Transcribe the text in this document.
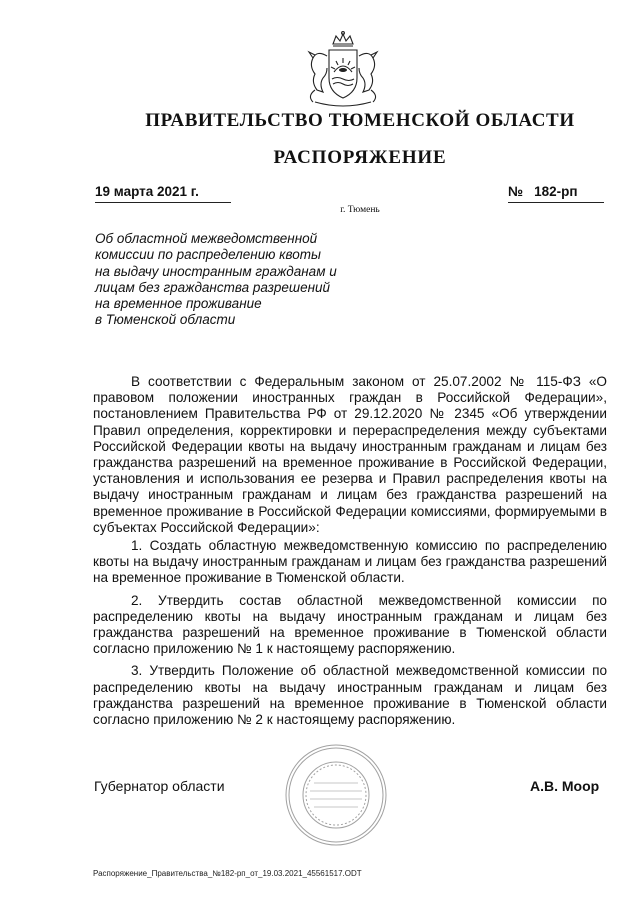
ПРАВИТЕЛЬСТВО ТЮМЕНСКОЙ ОБЛАСТИ
РАСПОРЯЖЕНИЕ
19 марта 2021 г.	№ 182-рп
г. Тюмень
Об областной межведомственной
комиссии по распределению квоты
на выдачу иностранным гражданам и
лицам без гражданства разрешений
на временное проживание
в Тюменской области

В соответствии с Федеральным законом от 25.07.2002 № 115-ФЗ «О правовом положении иностранных граждан в Российской Федерации», постановлением Правительства РФ от 29.12.2020 № 2345 «Об утверждении Правил определения, корректировки и перераспределения между субъектами Российской Федерации квоты на выдачу иностранным гражданам и лицам без гражданства разрешений на временное проживание в Российской Федерации, установления и использования ее резерва и Правил распределения квоты на выдачу иностранным гражданам и лицам без гражданства разрешений на временное проживание в Российской Федерации комиссиями, формируемыми в субъектах Российской Федерации»:

1. Создать областную межведомственную комиссию по распределению квоты на выдачу иностранным гражданам и лицам без гражданства разрешений на временное проживание в Тюменской области.

2. Утвердить состав областной межведомственной комиссии по распределению квоты на выдачу иностранным гражданам и лицам без гражданства разрешений на временное проживание в Тюменской области согласно приложению № 1 к настоящему распоряжению.

3. Утвердить Положение об областной межведомственной комиссии по распределению квоты на выдачу иностранным гражданам и лицам без гражданства разрешений на временное проживание в Тюменской области согласно приложению № 2 к настоящему распоряжению.

Губернатор области	А.В. Моор
Распоряжение_Правительства_№182-рп_от_19.03.2021_45561517.ODT
